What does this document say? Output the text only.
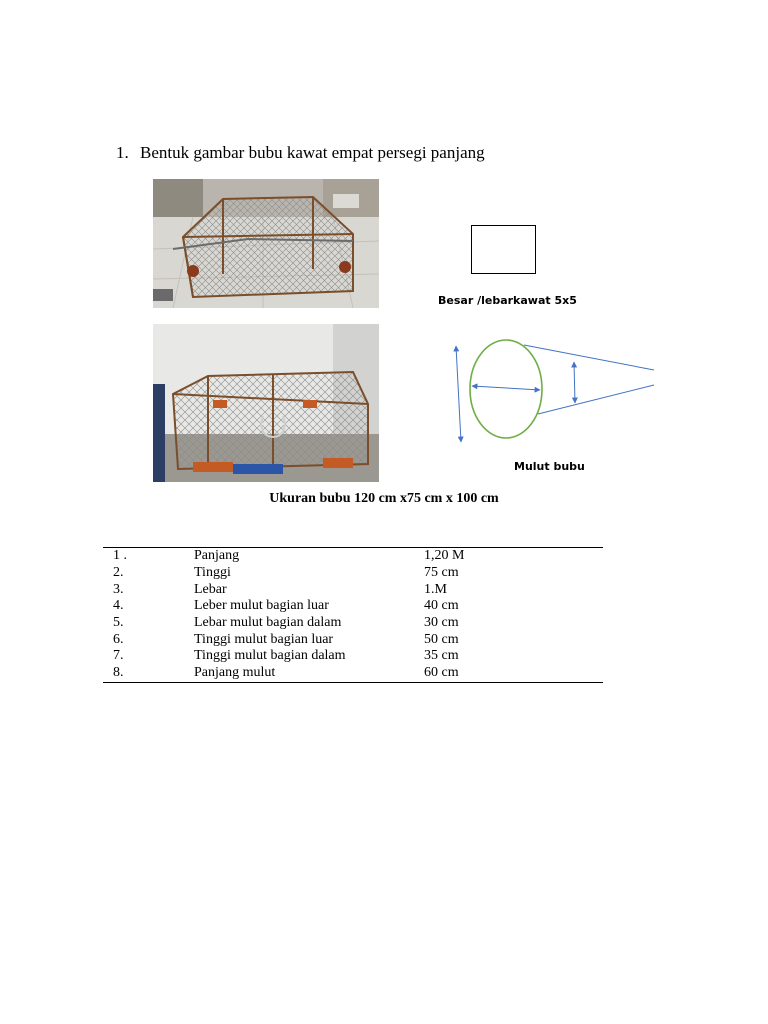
1. Bentuk gambar bubu kawat empat persegi panjang
Besar /lebarkawat 5x5
Mulut bubu
Ukuran bubu 120 cm x75 cm x 100 cm
1 .	Panjang	1,20 M
2.	Tinggi	75 cm
3.	Lebar	1.M
4.	Leber mulut bagian luar	40 cm
5.	Lebar mulut bagian dalam	30 cm
6.	Tinggi mulut bagian luar	50 cm
7.	Tinggi mulut bagian dalam	35 cm
8.	Panjang mulut	60 cm
